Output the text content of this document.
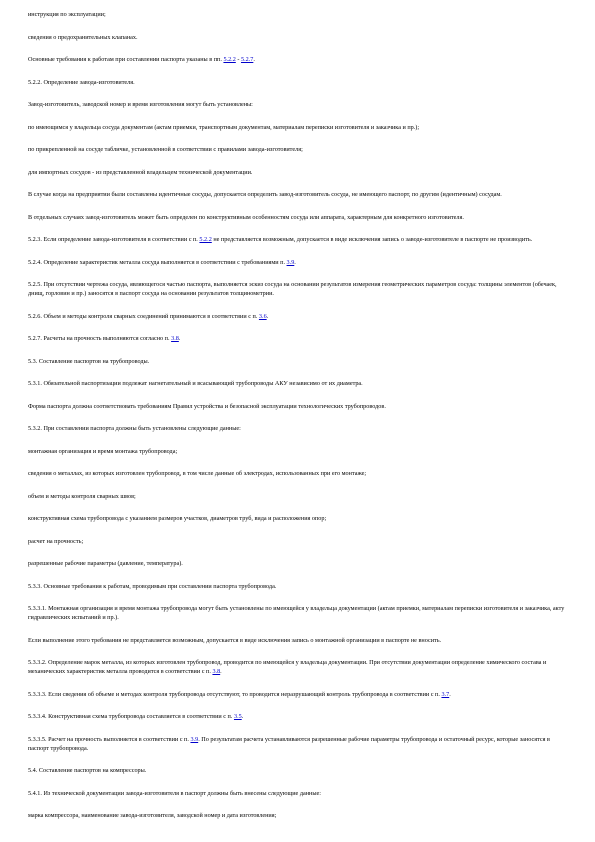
инструкция по эксплуатации;

сведения о предохранительных клапанах.

Основные требования к работам при составлении паспорта указаны в пп. 5.2.2 - 5.2.7.

5.2.2. Определение завода-изготовителя.

Завод-изготовитель, заводской номер и время изготовления могут быть установлены:

по имеющимся у владельца сосуда документам (актам приемки, транспортным документам, материалам переписки изготовителя и заказчика и пр.);

по прикрепленной на сосуде табличке, установленной в соответствии с правилами завода-изготовителя;

для импортных сосудов - из представленной владельцем технической документации.

В случае когда на предприятии были составлены идентичные сосуды, допускается определить завод-изготовитель сосуда, не имеющего паспорт, по другим (идентичным) сосудам.

В отдельных случаях завод-изготовитель может быть определен по конструктивным особенностям сосуда или аппарата, характерным для конкретного изготовителя.

5.2.3. Если определение завода-изготовителя в соответствии с п. 5.2.2 не представляется возможным, допускается в виде исключения запись о заводе-изготовителе в паспорте не производить.

5.2.4. Определение характеристик металла сосуда выполняется в соответствии с требованиями п. 3.9.

5.2.5. При отсутствии чертежа сосуда, являющегося частью паспорта, выполняется эскиз сосуда на основании результатов измерения геометрических параметров сосуда: толщины элементов (обечаек, днищ, горловин и пр.) заносятся в паспорт сосуда на основании результатов толщинометрии.

5.2.6. Объем и методы контроля сварных соединений принимаются в соответствии с п. 3.6.

5.2.7. Расчеты на прочность выполняются согласно п. 3.8.

5.3. Составление паспортов на трубопроводы.

5.3.1. Обязательной паспортизации подлежат нагнетательный и всасывающий трубопроводы АКУ независимо от их диаметра.

Форма паспорта должна соответствовать требованиям Правил устройства и безопасной эксплуатации технологических трубопроводов.

5.3.2. При составлении паспорта должны быть установлены следующие данные:

монтажная организация и время монтажа трубопровода;

сведения о металлах, из которых изготовлен трубопровод, в том числе данные об электродах, использованных при его монтаже;

объем и методы контроля сварных швов;

конструктивная схема трубопровода с указанием размеров участков, диаметров труб, вида и расположения опор;

расчет на прочность;

разрешенные рабочие параметры (давление, температура).

5.3.3. Основные требования к работам, проводимым при составлении паспорта трубопровода.

5.3.3.1. Монтажная организация и время монтажа трубопровода могут быть установлены по имеющейся у владельца документации (актам приемки, материалам переписки изготовителя и заказчика, акту гидравлических испытаний и пр.).

Если выполнение этого требования не представляется возможным, допускается в виде исключения запись о монтажной организации в паспорте не вносить.

5.3.3.2. Определение марок металла, из которых изготовлен трубопровод, проводится по имеющейся у владельца документации. При отсутствии документации определение химического состава и механических характеристик металла проводится в соответствии с п. 3.8.

5.3.3.3. Если сведения об объеме и методах контроля трубопровода отсутствуют, то проводится неразрушающий контроль трубопровода в соответствии с п. 3.7.

5.3.3.4. Конструктивная схема трубопровода составляется в соответствии с п. 3.5.

5.3.3.5. Расчет на прочность выполняется в соответствии с п. 3.9. По результатам расчета устанавливаются разрешенные рабочие параметры трубопровода и остаточный ресурс, которые заносятся в паспорт трубопровода.

5.4. Составление паспортов на компрессоры.

5.4.1. Из технической документации завода-изготовителя в паспорт должны быть внесены следующие данные:

марка компрессора, наименование завода-изготовителя, заводской номер и дата изготовления;
